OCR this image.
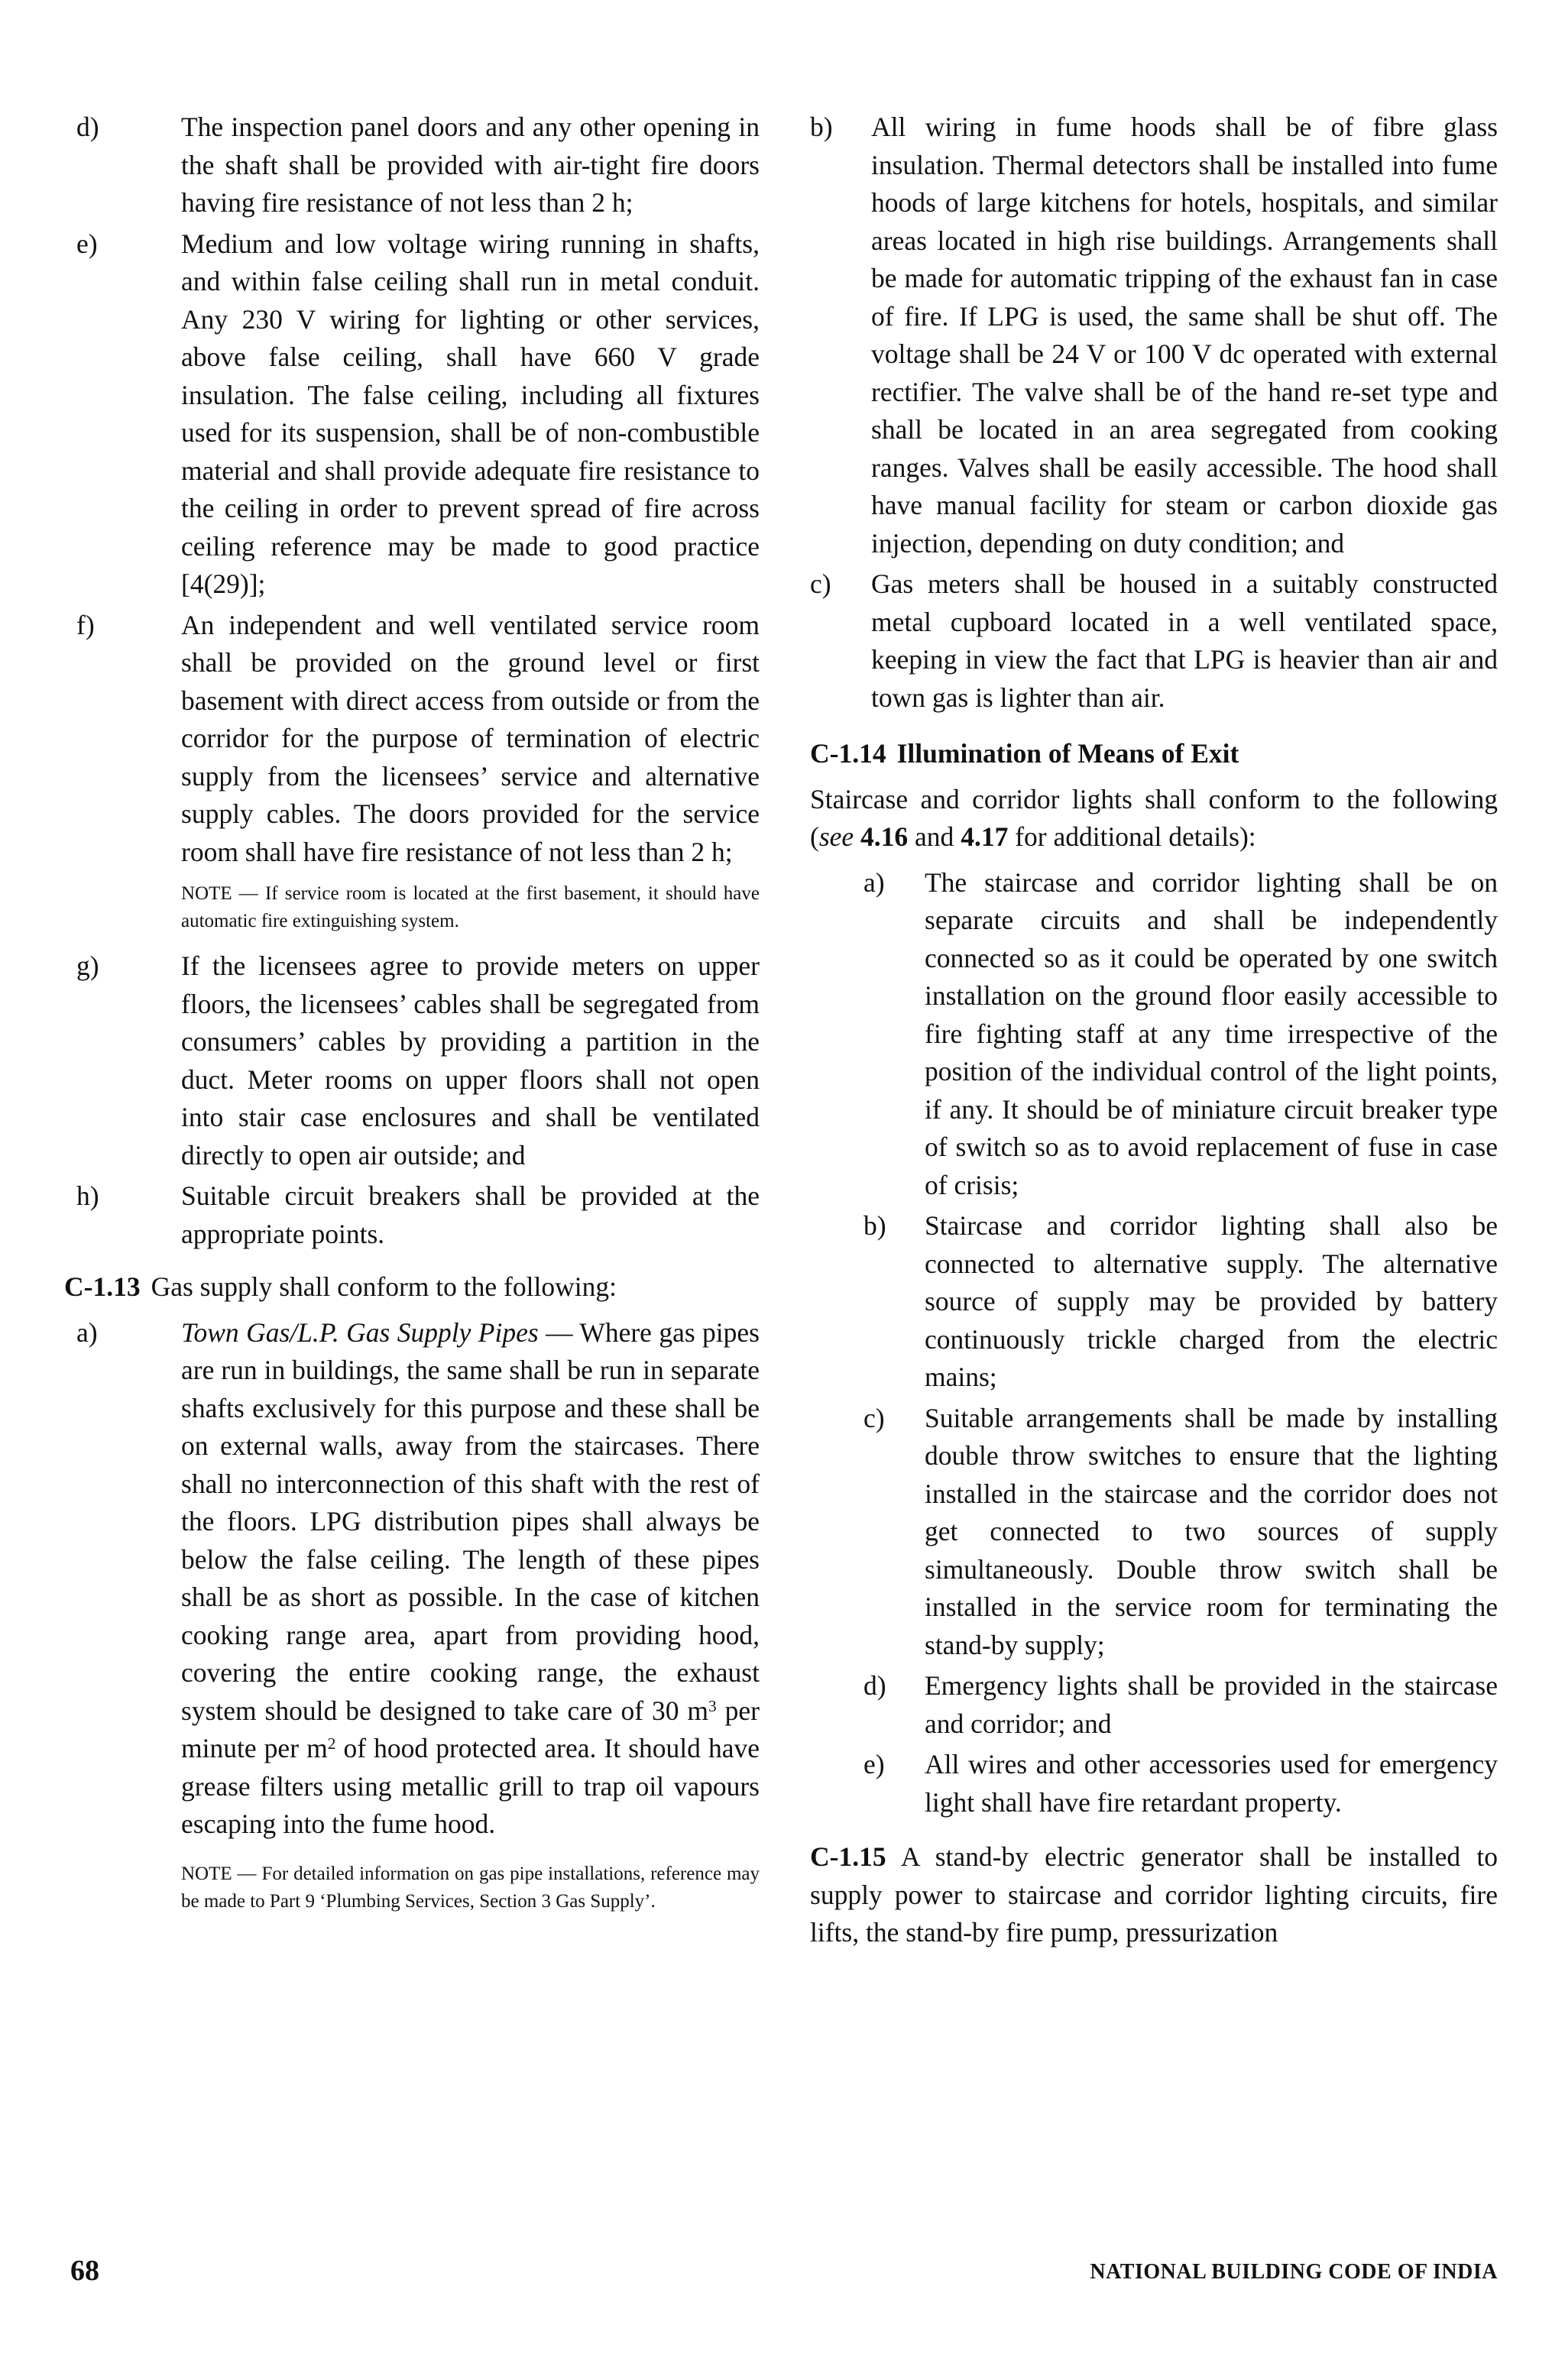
d)	The inspection panel doors and any other opening in the shaft shall be provided with air-tight fire doors having fire resistance of not less than 2 h;
e)	Medium and low voltage wiring running in shafts, and within false ceiling shall run in metal conduit. Any 230 V wiring for lighting or other services, above false ceiling, shall have 660 V grade insulation. The false ceiling, including all fixtures used for its suspension, shall be of non-combustible material and shall provide adequate fire resistance to the ceiling in order to prevent spread of fire across ceiling reference may be made to good practice [4(29)];
f)	An independent and well ventilated service room shall be provided on the ground level or first basement with direct access from outside or from the corridor for the purpose of termination of electric supply from the licensees’ service and alternative supply cables. The doors provided for the service room shall have fire resistance of not less than 2 h;
NOTE — If service room is located at the first basement, it should have automatic fire extinguishing system.
g)	If the licensees agree to provide meters on upper floors, the licensees’ cables shall be segregated from consumers’ cables by providing a partition in the duct. Meter rooms on upper floors shall not open into stair case enclosures and shall be ventilated directly to open air outside; and
h)	Suitable circuit breakers shall be provided at the appropriate points.
C-1.13 Gas supply shall conform to the following:
a)	Town Gas/L.P. Gas Supply Pipes — Where gas pipes are run in buildings, the same shall be run in separate shafts exclusively for this purpose and these shall be on external walls, away from the staircases. There shall no interconnection of this shaft with the rest of the floors. LPG distribution pipes shall always be below the false ceiling. The length of these pipes shall be as short as possible. In the case of kitchen cooking range area, apart from providing hood, covering the entire cooking range, the exhaust system should be designed to take care of 30 $m^3$ per minute per $m^2$ of hood protected area. It should have grease filters using metallic grill to trap oil vapours escaping into the fume hood.
NOTE — For detailed information on gas pipe installations, reference may be made to Part 9 ‘Plumbing Services, Section 3 Gas Supply’.
b)	All wiring in fume hoods shall be of fibre glass insulation. Thermal detectors shall be installed into fume hoods of large kitchens for hotels, hospitals, and similar areas located in high rise buildings. Arrangements shall be made for automatic tripping of the exhaust fan in case of fire. If LPG is used, the same shall be shut off. The voltage shall be 24 V or 100 V dc operated with external rectifier. The valve shall be of the hand re-set type and shall be located in an area segregated from cooking ranges. Valves shall be easily accessible. The hood shall have manual facility for steam or carbon dioxide gas injection, depending on duty condition; and
c)	Gas meters shall be housed in a suitably constructed metal cupboard located in a well ventilated space, keeping in view the fact that LPG is heavier than air and town gas is lighter than air.
C-1.14 Illumination of Means of Exit
Staircase and corridor lights shall conform to the following (see 4.16 and 4.17 for additional details):
a)	The staircase and corridor lighting shall be on separate circuits and shall be independently connected so as it could be operated by one switch installation on the ground floor easily accessible to fire fighting staff at any time irrespective of the position of the individual control of the light points, if any. It should be of miniature circuit breaker type of switch so as to avoid replacement of fuse in case of crisis;
b)	Staircase and corridor lighting shall also be connected to alternative supply. The alternative source of supply may be provided by battery continuously trickle charged from the electric mains;
c)	Suitable arrangements shall be made by installing double throw switches to ensure that the lighting installed in the staircase and the corridor does not get connected to two sources of supply simultaneously. Double throw switch shall be installed in the service room for terminating the stand-by supply;
d)	Emergency lights shall be provided in the staircase and corridor; and
e)	All wires and other accessories used for emergency light shall have fire retardant property.
C-1.15 A stand-by electric generator shall be installed to supply power to staircase and corridor lighting circuits, fire lifts, the stand-by fire pump, pressurization
68	NATIONAL BUILDING CODE OF INDIA
